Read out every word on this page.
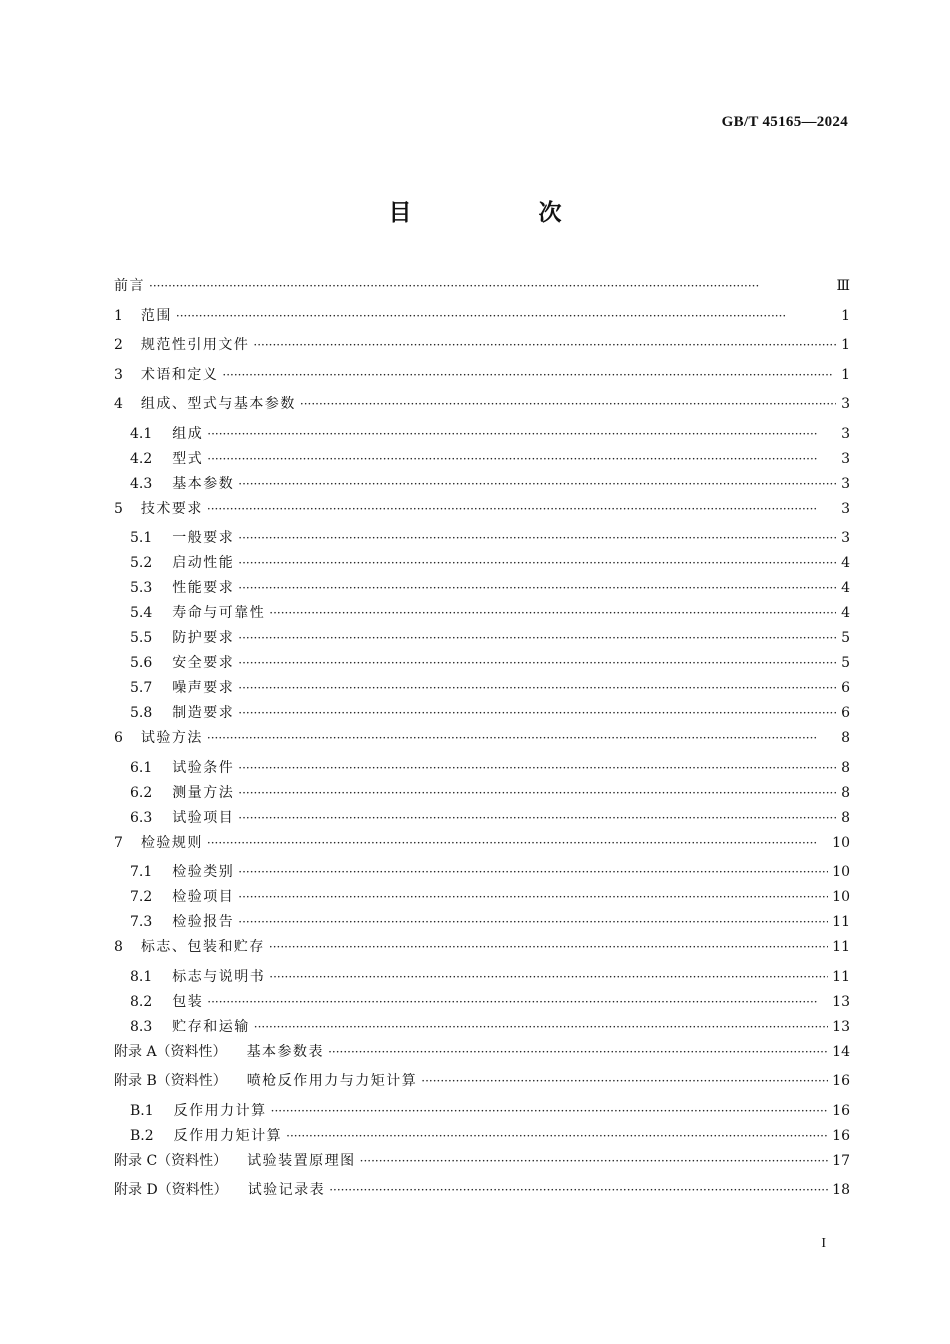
GB/T 45165—2024
目　次
前言 ·····	Ⅲ
1 范围 ·····	1
2 规范性引用文件 ·····	1
3 术语和定义 ·····	1
4 组成、型式与基本参数 ·····	3
4.1 组成 ·····	3
4.2 型式 ·····	3
4.3 基本参数 ·····	3
5 技术要求 ·····	3
5.1 一般要求 ·····	3
5.2 启动性能 ·····	4
5.3 性能要求 ·····	4
5.4 寿命与可靠性 ·····	4
5.5 防护要求 ·····	5
5.6 安全要求 ·····	5
5.7 噪声要求 ·····	6
5.8 制造要求 ·····	6
6 试验方法 ·····	8
6.1 试验条件 ·····	8
6.2 测量方法 ·····	8
6.3 试验项目 ·····	8
7 检验规则 ·····	10
7.1 检验类别 ·····	10
7.2 检验项目 ·····	10
7.3 检验报告 ·····	11
8 标志、包装和贮存 ·····	11
8.1 标志与说明书 ·····	11
8.2 包装 ·····	13
8.3 贮存和运输 ·····	13
附录 A（资料性） 基本参数表 ·····	14
附录 B（资料性） 喷枪反作用力与力矩计算 ·····	16
B.1 反作用力计算 ·····	16
B.2 反作用力矩计算 ·····	16
附录 C（资料性） 试验装置原理图 ·····	17
附录 D（资料性） 试验记录表 ·····	18
I
